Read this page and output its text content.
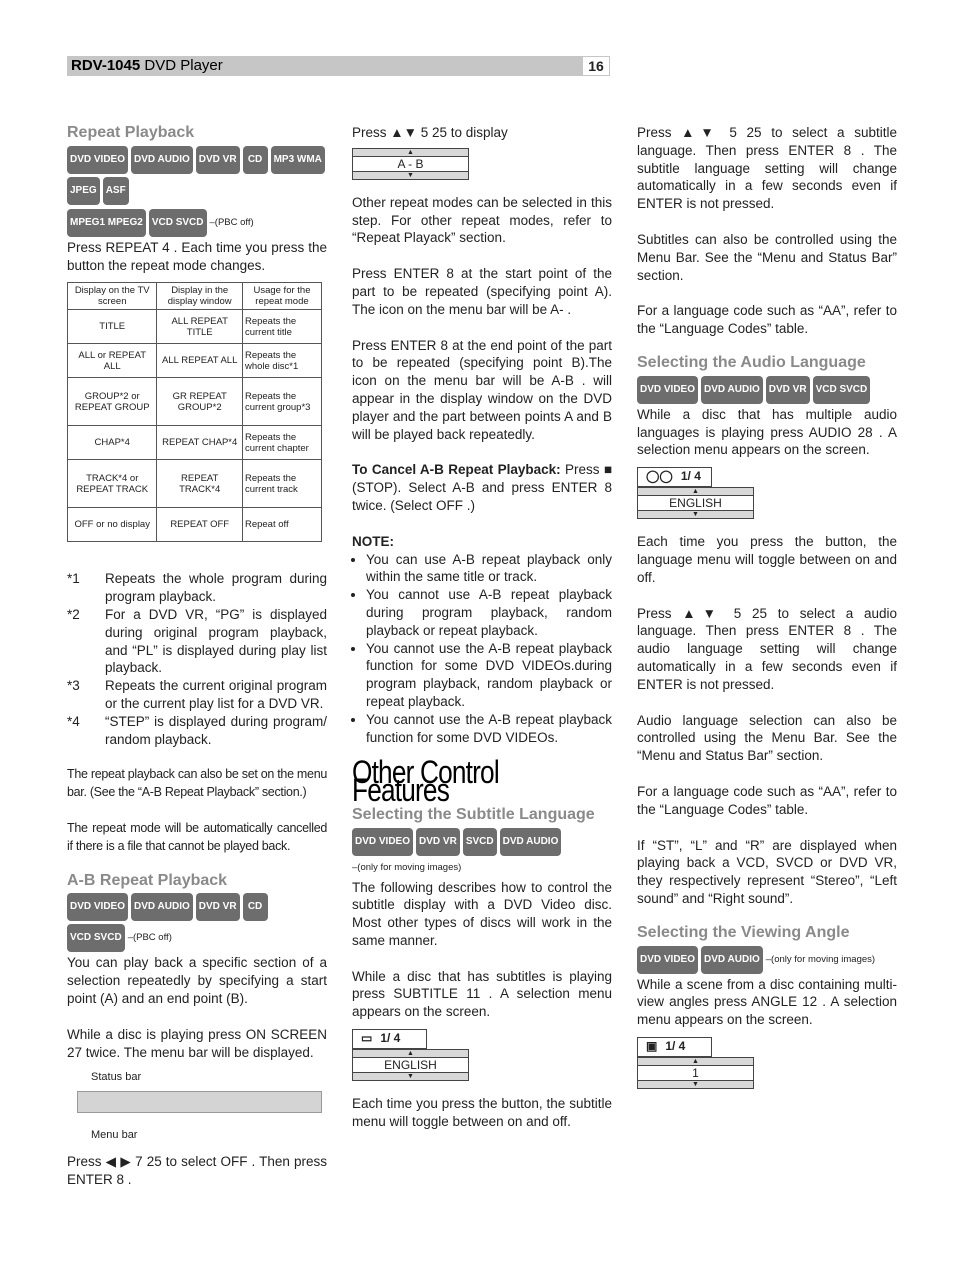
RDV-1045 DVD Player	16
Repeat Playback
DVD VIDEO DVD AUDIO DVD VR	CD	MP3 WMA
JPEG ASF
MPEG1 MPEG2 VCD SVCD –(PBC off)

Press REPEAT 4 . Each time you press the button the repeat mode changes.

Display on the TV screen	Display in the display window	Usage for the repeat mode
TITLE	ALL REPEAT TITLE	Repeats the current title
ALL or REPEAT ALL	ALL REPEAT ALL	Repeats the whole disc*1
GROUP*2 or REPEAT GROUP	GR REPEAT GROUP*2	Repeats the current group*3
CHAP*4	REPEAT CHAP*4	Repeats the current chapter
TRACK*4 or REPEAT TRACK	REPEAT TRACK*4	Repeats the current track
OFF or no display	REPEAT OFF	Repeat off
*1	Repeats the whole program during program playback.
*2	For a DVD VR, “PG” is displayed during original program playback, and “PL” is displayed during play list playback.
*3	Repeats the current original program or the current play list for a DVD VR.
*4	“STEP” is displayed during program/ random playback.

The repeat playback can also be set on the menu bar. (See the “A-B Repeat Playback” section.)

The repeat mode will be automatically cancelled if there is a file that cannot be played back.

A-B Repeat Playback
DVD VIDEO DVD AUDIO DVD VR	CD
VCD SVCD –(PBC off)

You can play back a specific section of a selection repeatedly by specifying a start point (A) and an end point (B).

While a disc is playing press ON SCREEN 27 twice. The menu bar will be displayed.

Status bar
Menu bar

Press ◀ ▶ 7 25 to select OFF . Then press ENTER 8 .

Press ▲▼ 5 25 to display

▲
A - B
▼

Other repeat modes can be selected in this step. For other repeat modes, refer to “Repeat Playack” section.

Press ENTER 8 at the start point of the part to be repeated (specifying point A). The icon on the menu bar will be A- .

Press ENTER 8 at the end point of the part to be repeated (specifying point B).The icon on the menu bar will be A-B . will appear in the display window on the DVD player and the part between points A and B will be played back repeatedly.

To Cancel A-B Repeat Playback: Press ■ (STOP). Select A-B and press ENTER 8 twice. (Select OFF .)

NOTE:

• You can use A-B repeat playback only within the same title or track.
• You cannot use A-B repeat playback during program playback, random playback or repeat playback.
• You cannot use the A-B repeat playback function for some DVD VIDEOs.during program playback, random playback or repeat playback.
• You cannot use the A-B repeat playback function for some DVD VIDEOs.
Other Control Features
Selecting the Subtitle Language
DVD VIDEO DVD VR SVCD DVD AUDIO
–(only for moving images)

The following describes how to control the subtitle display with a DVD Video disc. Most other types of discs will work in the same manner.

While a disc that has subtitles is playing press SUBTITLE 11 . A selection menu appears on the screen.

▭ 1/ 4
▲
ENGLISH
▼

Each time you press the button, the subtitle menu will toggle between on and off.

Press ▲▼ 5 25 to select a subtitle language. Then press ENTER 8 . The subtitle language setting will change automatically in a few seconds even if ENTER is not pressed.

Subtitles can also be controlled using the Menu Bar. See the “Menu and Status Bar” section.

For a language code such as “AA”, refer to the “Language Codes” table.

Selecting the Audio Language
DVD VIDEO DVD AUDIO DVD VR VCD SVCD

While a disc that has multiple audio languages is playing press AUDIO 28 . A selection menu appears on the screen.

◯◯ 1/ 4
▲
ENGLISH
▼

Each time you press the button, the language menu will toggle between on and off.

Press ▲▼ 5 25 to select a audio language. Then press ENTER 8 . The audio language setting will change automatically in a few seconds even if ENTER is not pressed.

Audio language selection can also be controlled using the Menu Bar. See the “Menu and Status Bar” section.

For a language code such as “AA”, refer to the “Language Codes” table.

If “ST”, “L” and “R” are displayed when playing back a VCD, SVCD or DVD VR, they respectively represent “Stereo”, “Left sound” and “Right sound”.

Selecting the Viewing Angle
DVD VIDEO DVD AUDIO –(only for moving images)

While a scene from a disc containing multi-view angles press ANGLE 12 . A selection menu appears on the screen.

▣ 1/ 4
▲
1
▼
